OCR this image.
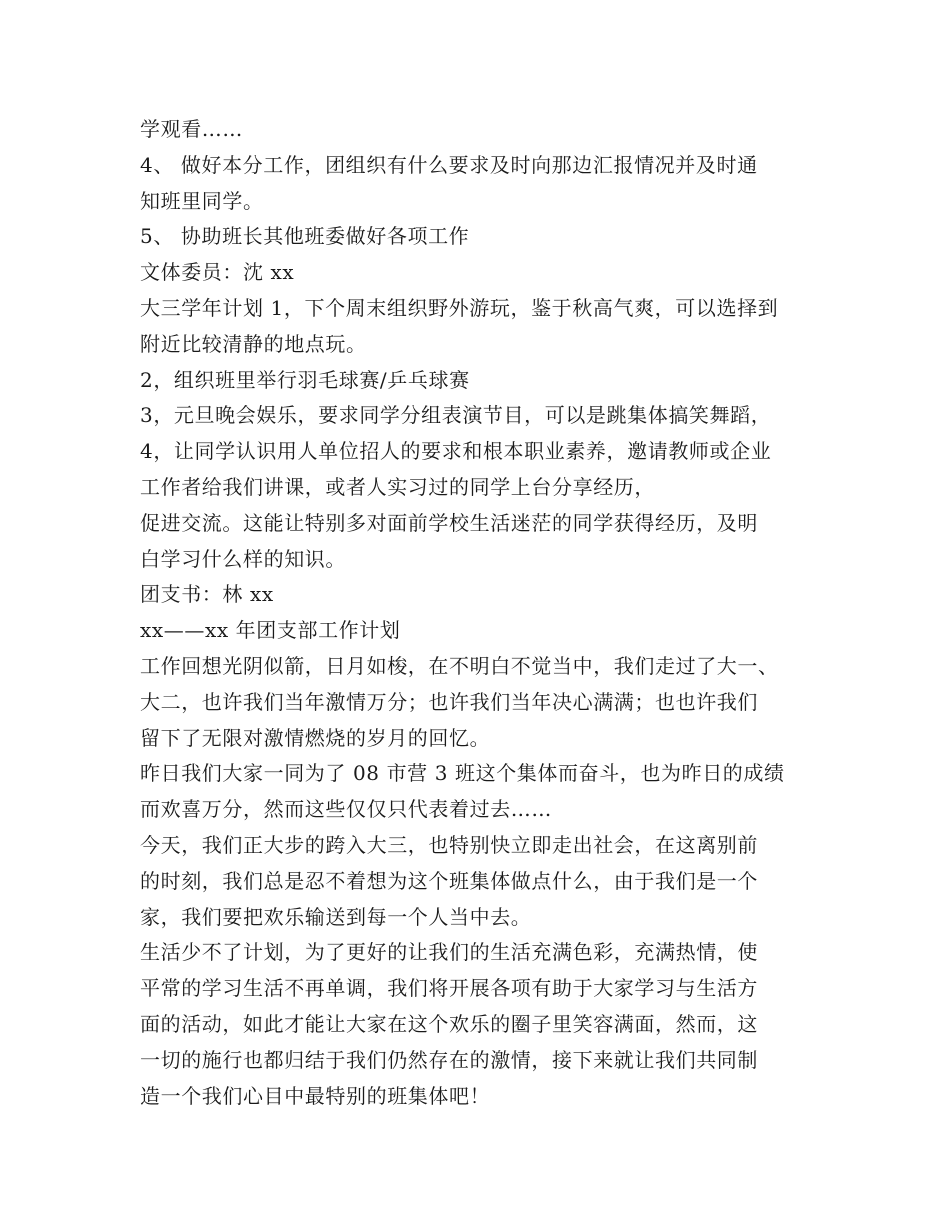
学观看……
4、 做好本分工作，团组织有什么要求及时向那边汇报情况并及时通
知班里同学。
5、 协助班长其他班委做好各项工作
文体委员：沈 xx
大三学年计划 1，下个周末组织野外游玩，鉴于秋高气爽，可以选择到
附近比较清静的地点玩。
2，组织班里举行羽毛球赛/乒乓球赛
3，元旦晚会娱乐，要求同学分组表演节目，可以是跳集体搞笑舞蹈，
4，让同学认识用人单位招人的要求和根本职业素养，邀请教师或企业
工作者给我们讲课，或者人实习过的同学上台分享经历，
促进交流。这能让特别多对面前学校生活迷茫的同学获得经历，及明
白学习什么样的知识。
团支书：林 xx
xx——xx 年团支部工作计划
工作回想光阴似箭，日月如梭，在不明白不觉当中，我们走过了大一、
大二，也许我们当年激情万分；也许我们当年决心满满；也也许我们
留下了无限对激情燃烧的岁月的回忆。
昨日我们大家一同为了 08 市营 3 班这个集体而奋斗，也为昨日的成绩
而欢喜万分，然而这些仅仅只代表着过去……
今天，我们正大步的跨入大三，也特别快立即走出社会，在这离别前
的时刻，我们总是忍不着想为这个班集体做点什么，由于我们是一个
家，我们要把欢乐输送到每一个人当中去。
生活少不了计划，为了更好的让我们的生活充满色彩，充满热情，使
平常的学习生活不再单调，我们将开展各项有助于大家学习与生活方
面的活动，如此才能让大家在这个欢乐的圈子里笑容满面，然而，这
一切的施行也都归结于我们仍然存在的激情，接下来就让我们共同制
造一个我们心目中最特别的班集体吧！
